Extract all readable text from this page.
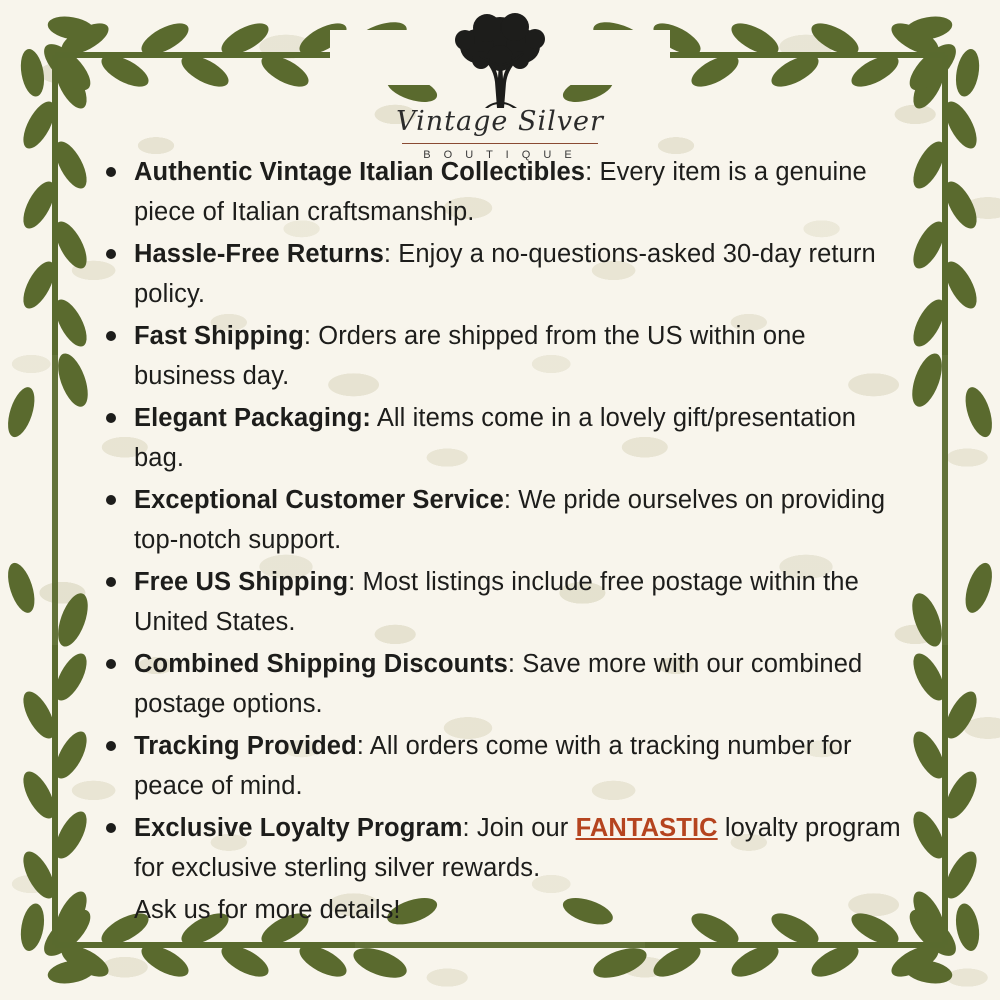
Vintage Silver
B O U T I Q U E
Authentic Vintage Italian Collectibles: Every item is a genuine piece of Italian craftsmanship.
Hassle-Free Returns: Enjoy a no-questions-asked 30-day return policy.
Fast Shipping: Orders are shipped from the US within one business day.
Elegant Packaging: All items come in a lovely gift/presentation bag.
Exceptional Customer Service: We pride ourselves on providing top-notch support.
Free US Shipping: Most listings include free postage within the United States.
Combined Shipping Discounts: Save more with our combined postage options.
Tracking Provided: All orders come with a tracking number for peace of mind.
Exclusive Loyalty Program: Join our FANTASTIC loyalty program for exclusive sterling silver rewards.

Ask us for more details!
